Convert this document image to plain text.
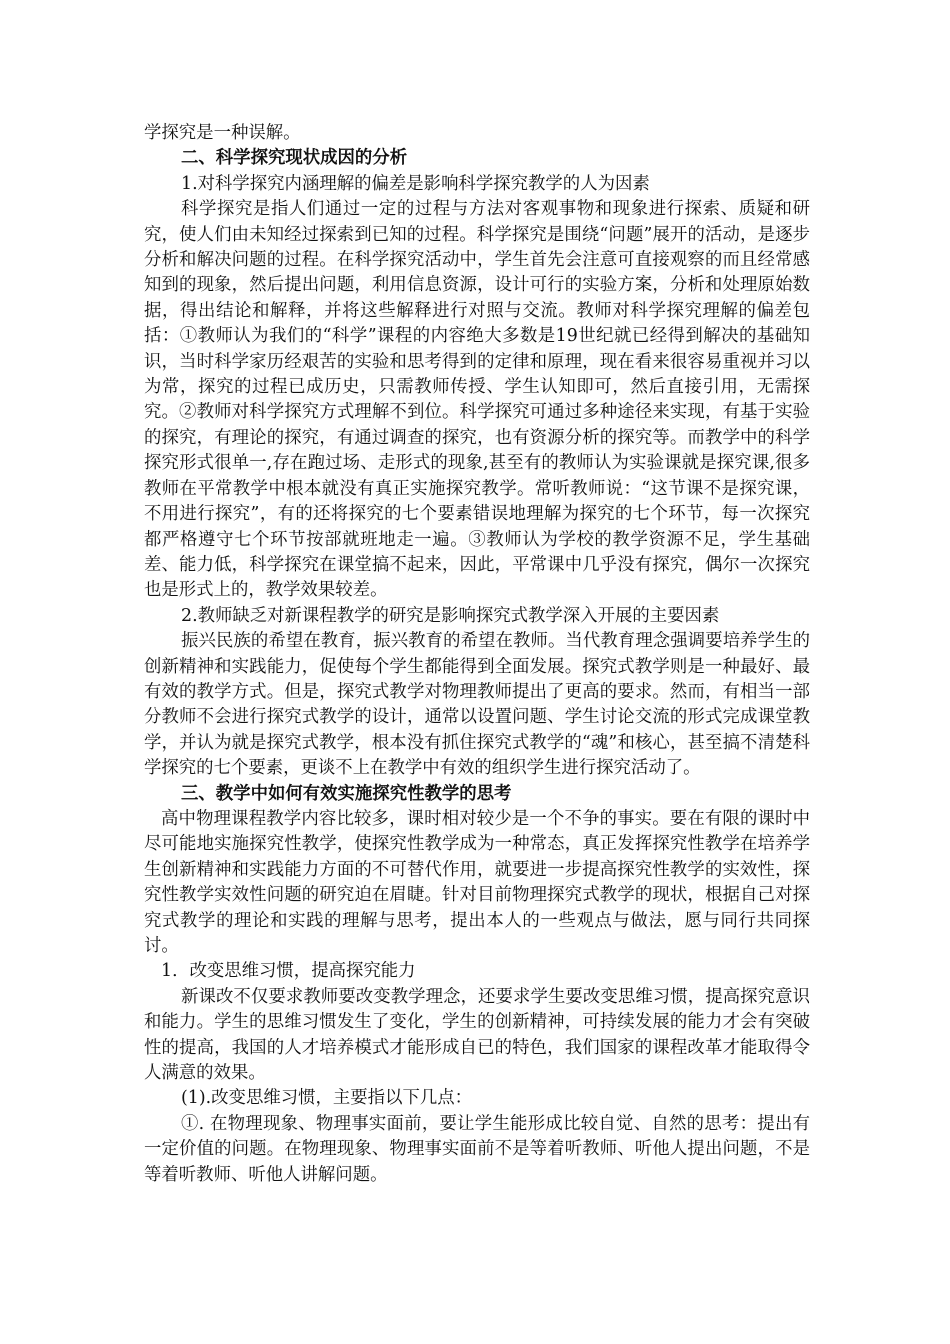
学探究是一种误解。

二、科学探究现状成因的分析

1.对科学探究内涵理解的偏差是影响科学探究教学的人为因素

科学探究是指人们通过一定的过程与方法对客观事物和现象进行探索、质疑和研究，使人们由未知经过探索到已知的过程。科学探究是围绕“问题”展开的活动，是逐步分析和解决问题的过程。在科学探究活动中，学生首先会注意可直接观察的而且经常感知到的现象，然后提出问题，利用信息资源，设计可行的实验方案，分析和处理原始数据，得出结论和解释，并将这些解释进行对照与交流。教师对科学探究理解的偏差包括：①教师认为我们的“科学”课程的内容绝大多数是19世纪就已经得到解决的基础知识，当时科学家历经艰苦的实验和思考得到的定律和原理，现在看来很容易重视并习以为常，探究的过程已成历史，只需教师传授、学生认知即可，然后直接引用，无需探究。②教师对科学探究方式理解不到位。科学探究可通过多种途径来实现，有基于实验的探究，有理论的探究，有通过调查的探究，也有资源分析的探究等。而教学中的科学探究形式很单一,存在跑过场、走形式的现象,甚至有的教师认为实验课就是探究课,很多教师在平常教学中根本就没有真正实施探究教学。常听教师说：“这节课不是探究课，不用进行探究”，有的还将探究的七个要素错误地理解为探究的七个环节，每一次探究都严格遵守七个环节按部就班地走一遍。③教师认为学校的教学资源不足，学生基础差、能力低，科学探究在课堂搞不起来，因此，平常课中几乎没有探究，偶尔一次探究也是形式上的，教学效果较差。

2.教师缺乏对新课程教学的研究是影响探究式教学深入开展的主要因素

振兴民族的希望在教育，振兴教育的希望在教师。当代教育理念强调要培养学生的创新精神和实践能力，促使每个学生都能得到全面发展。探究式教学则是一种最好、最有效的教学方式。但是，探究式教学对物理教师提出了更高的要求。然而，有相当一部分教师不会进行探究式教学的设计，通常以设置问题、学生讨论交流的形式完成课堂教学，并认为就是探究式教学，根本没有抓住探究式教学的“魂”和核心，甚至搞不清楚科学探究的七个要素，更谈不上在教学中有效的组织学生进行探究活动了。

三、教学中如何有效实施探究性教学的思考

高中物理课程教学内容比较多，课时相对较少是一个不争的事实。要在有限的课时中尽可能地实施探究性教学，使探究性教学成为一种常态，真正发挥探究性教学在培养学生创新精神和实践能力方面的不可替代作用，就要进一步提高探究性教学的实效性，探究性教学实效性问题的研究迫在眉睫。针对目前物理探究式教学的现状，根据自己对探究式教学的理论和实践的理解与思考，提出本人的一些观点与做法，愿与同行共同探讨。

1．改变思维习惯，提高探究能力

新课改不仅要求教师要改变教学理念，还要求学生要改变思维习惯，提高探究意识和能力。学生的思维习惯发生了变化，学生的创新精神，可持续发展的能力才会有突破性的提高，我国的人才培养模式才能形成自已的特色，我们国家的课程改革才能取得令人满意的效果。

(1).改变思维习惯，主要指以下几点：

①. 在物理现象、物理事实面前，要让学生能形成比较自觉、自然的思考：提出有一定价值的问题。在物理现象、物理事实面前不是等着听教师、听他人提出问题，不是等着听教师、听他人讲解问题。
